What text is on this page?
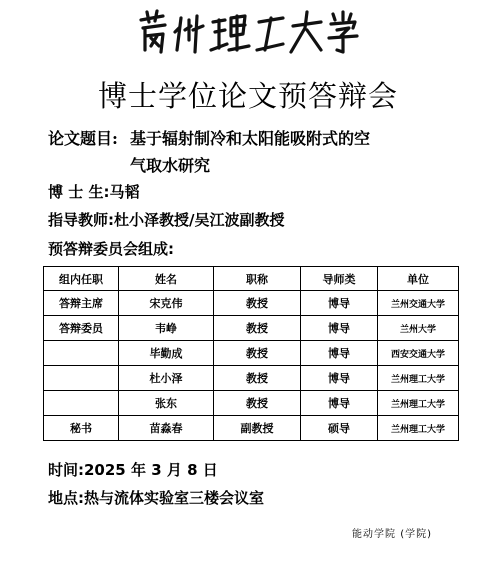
博士学位论文预答辩会
论文题目: 基于辐射制冷和太阳能吸附式的空
气取水研究
博 士 生:马韬
指导教师:杜小泽教授/吴江波副教授
预答辩委员会组成:
组内任职	姓名	职称	导师类	单位
答辩主席	宋克伟	教授	博导	兰州交通大学
答辩委员	韦峥	教授	博导	兰州大学
	毕勤成	教授	博导	西安交通大学
	杜小泽	教授	博导	兰州理工大学
	张东	教授	博导	兰州理工大学
秘书	苗淼春	副教授	硕导	兰州理工大学
时间:2025 年 3 月 8 日
地点:热与流体实验室三楼会议室
能动学院 (学院)
